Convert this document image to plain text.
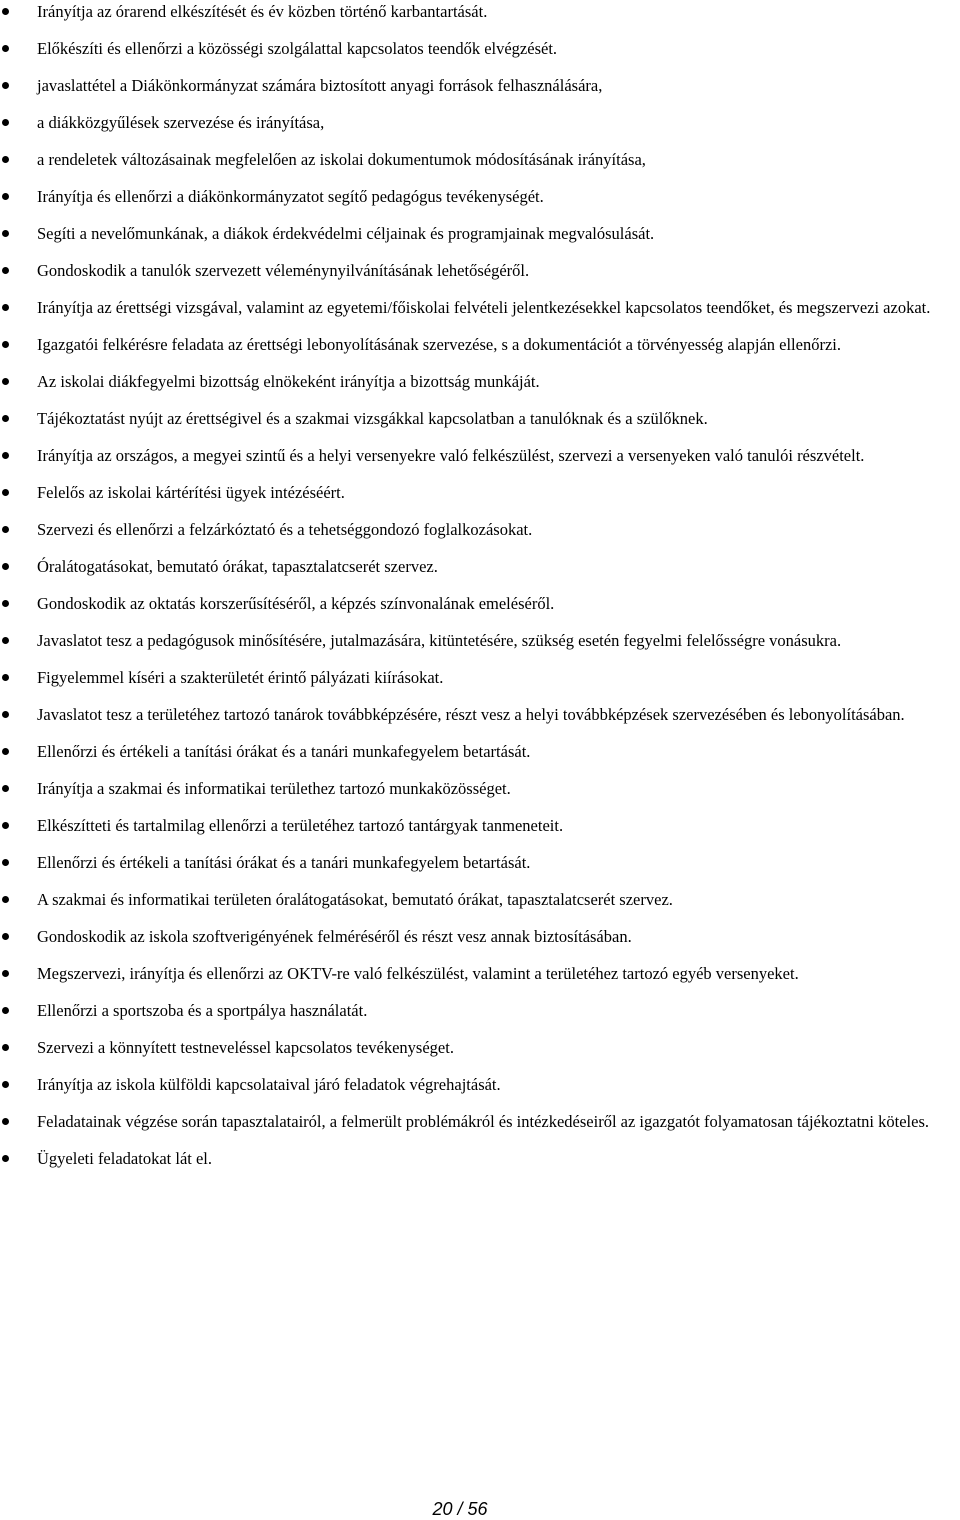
Irányítja az órarend elkészítését és év közben történő karbantartását.
Előkészíti és ellenőrzi a közösségi szolgálattal kapcsolatos teendők elvégzését.
javaslattétel a Diákönkormányzat számára biztosított anyagi források felhasználására,
a diákközgyűlések szervezése és irányítása,
a rendeletek változásainak megfelelően az iskolai dokumentumok módosításának irányítása,
Irányítja és ellenőrzi a diákönkormányzatot segítő pedagógus tevékenységét.
Segíti a nevelőmunkának, a diákok érdekvédelmi céljainak és programjainak megvalósulását.
Gondoskodik a tanulók szervezett véleménynyilvánításának lehetőségéről.
Irányítja az érettségi vizsgával, valamint az egyetemi/főiskolai felvételi jelentkezésekkel kapcsolatos teendőket, és megszervezi azokat.
Igazgatói felkérésre feladata az érettségi lebonyolításának szervezése, s a dokumentációt a törvényesség alapján ellenőrzi.
Az iskolai diákfegyelmi bizottság elnökeként irányítja a bizottság munkáját.
Tájékoztatást nyújt az érettségivel és a szakmai vizsgákkal kapcsolatban a tanulóknak és a szülőknek.
Irányítja az országos, a megyei szintű és a helyi versenyekre való felkészülést, szervezi a versenyeken való tanulói részvételt.
Felelős az iskolai kártérítési ügyek intézéséért.
Szervezi és ellenőrzi a felzárkóztató és a tehetséggondozó foglalkozásokat.
Óralátogatásokat, bemutató órákat, tapasztalatcserét szervez.
Gondoskodik az oktatás korszerűsítéséről, a képzés színvonalának emeléséről.
Javaslatot tesz a pedagógusok minősítésére, jutalmazására, kitüntetésére, szükség esetén fegyelmi felelősségre vonásukra.
Figyelemmel kíséri a szakterületét érintő pályázati kiírásokat.
Javaslatot tesz a területéhez tartozó tanárok továbbképzésére, részt vesz a helyi továbbképzések szervezésében és lebonyolításában.
Ellenőrzi és értékeli a tanítási órákat és a tanári munkafegyelem betartását.
Irányítja a szakmai és informatikai területhez tartozó munkaközösséget.
Elkészítteti és tartalmilag ellenőrzi a területéhez tartozó tantárgyak tanmeneteit.
Ellenőrzi és értékeli a tanítási órákat és a tanári munkafegyelem betartását.
A szakmai és informatikai területen óralátogatásokat, bemutató órákat, tapasztalatcserét szervez.
Gondoskodik az iskola szoftverigényének felméréséről és részt vesz annak biztosításában.
Megszervezi, irányítja és ellenőrzi az OKTV-re való felkészülést, valamint a területéhez tartozó egyéb versenyeket.
Ellenőrzi a sportszoba és a sportpálya használatát.
Szervezi a könnyített testneveléssel kapcsolatos tevékenységet.
Irányítja az iskola külföldi kapcsolataival járó feladatok végrehajtását.
Feladatainak végzése során tapasztalatairól, a felmerült problémákról és intézkedéseiről az igazgatót folyamatosan tájékoztatni köteles.
Ügyeleti feladatokat lát el.
20 / 56
